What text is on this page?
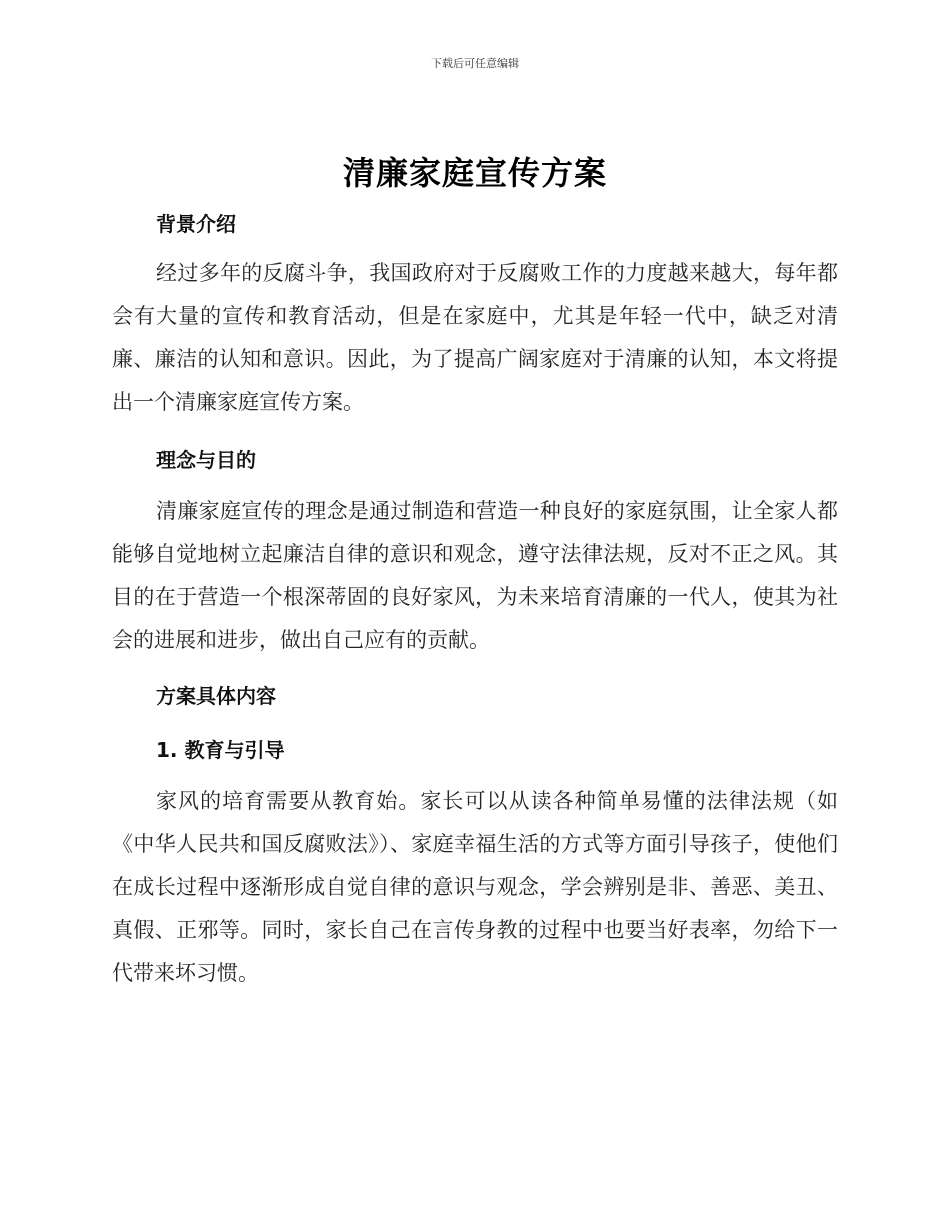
下载后可任意编辑
清廉家庭宣传方案
背景介绍
经过多年的反腐斗争，我国政府对于反腐败工作的力度越来越大，每年都会有大量的宣传和教育活动，但是在家庭中，尤其是年轻一代中，缺乏对清廉、廉洁的认知和意识。因此，为了提高广阔家庭对于清廉的认知，本文将提出一个清廉家庭宣传方案。
理念与目的
清廉家庭宣传的理念是通过制造和营造一种良好的家庭氛围，让全家人都能够自觉地树立起廉洁自律的意识和观念，遵守法律法规，反对不正之风。其目的在于营造一个根深蒂固的良好家风，为未来培育清廉的一代人，使其为社会的进展和进步，做出自己应有的贡献。
方案具体内容
1. 教育与引导
家风的培育需要从教育始。家长可以从读各种简单易懂的法律法规（如《中华人民共和国反腐败法》）、家庭幸福生活的方式等方面引导孩子，使他们在成长过程中逐渐形成自觉自律的意识与观念，学会辨别是非、善恶、美丑、真假、正邪等。同时，家长自己在言传身教的过程中也要当好表率，勿给下一代带来坏习惯。
